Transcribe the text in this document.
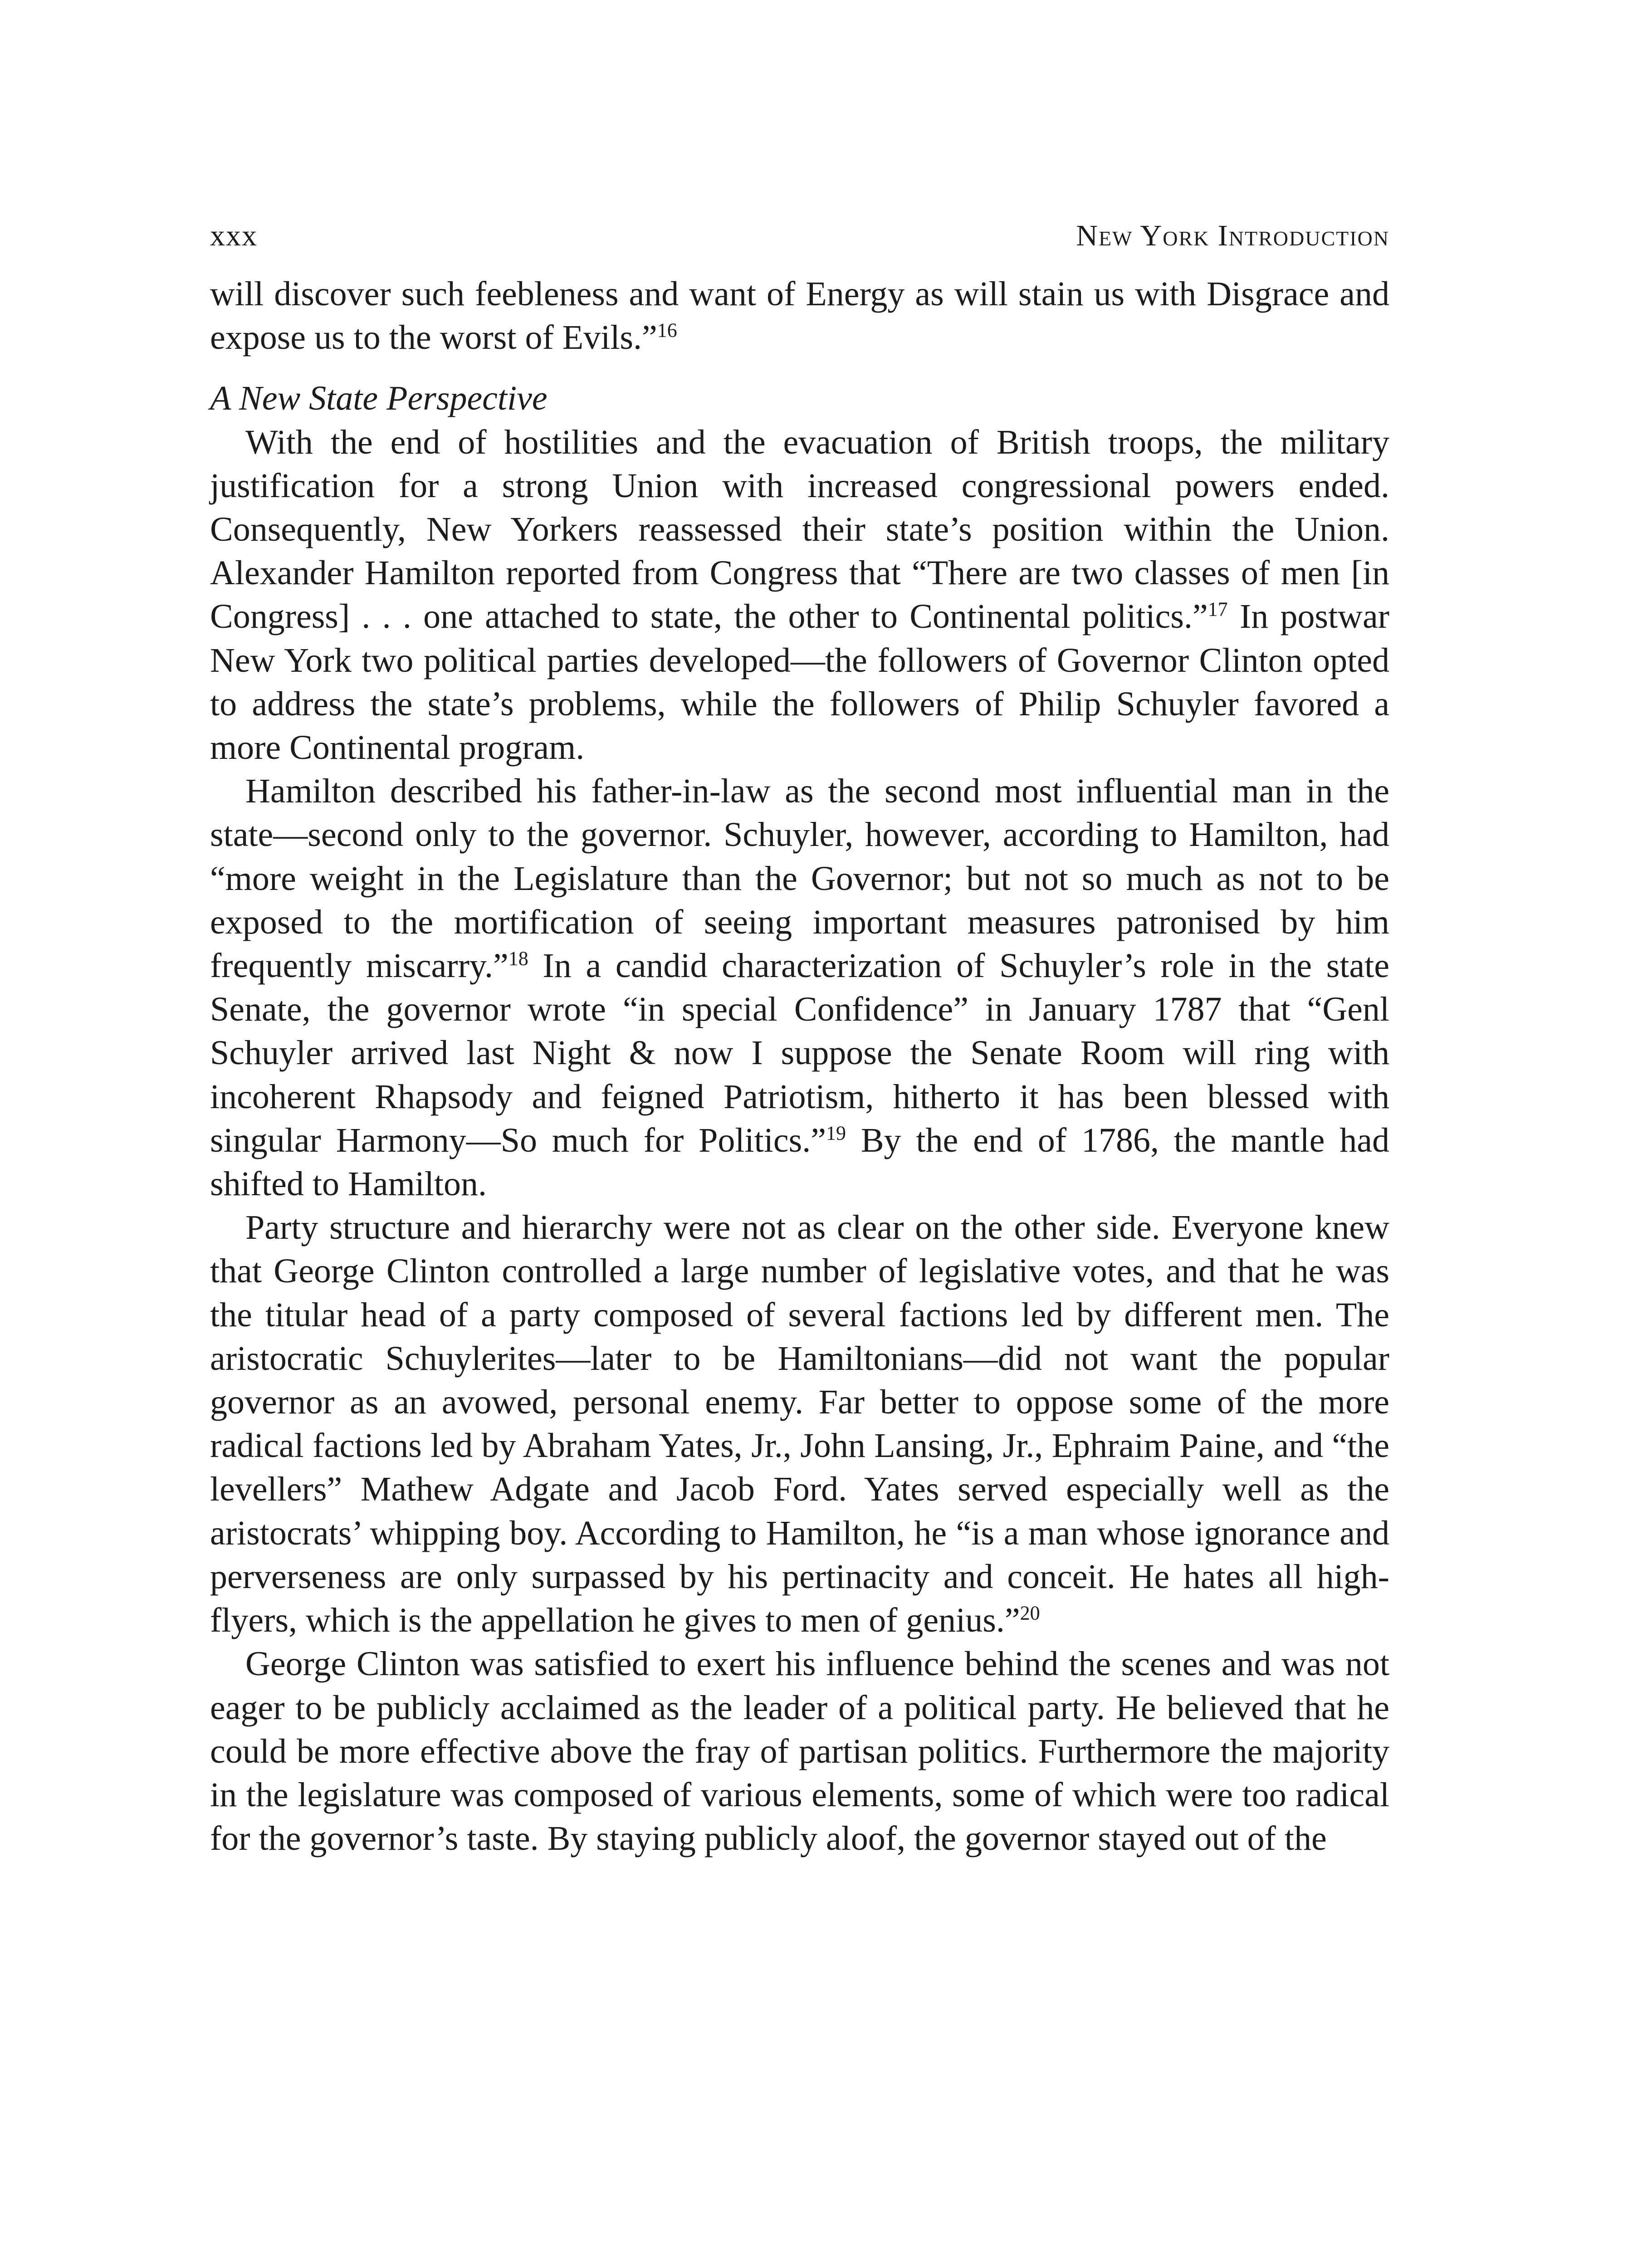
xxx	New York Introduction

will discover such feebleness and want of Energy as will stain us with Disgrace and expose us to the worst of Evils.”$^{16}$

A New State Perspective

With the end of hostilities and the evacuation of British troops, the military justification for a strong Union with increased congressional powers ended. Consequently, New Yorkers reassessed their state’s position within the Union. Alexander Hamilton reported from Congress that “There are two classes of men [in Congress] . . . one attached to state, the other to Continental politics.”$^{17}$ In postwar New York two political parties developed—the followers of Governor Clinton opted to address the state’s problems, while the followers of Philip Schuyler favored a more Continental program.

Hamilton described his father-in-law as the second most influential man in the state—second only to the governor. Schuyler, however, according to Hamilton, had “more weight in the Legislature than the Governor; but not so much as not to be exposed to the mortification of seeing important measures patronised by him frequently miscarry.”$^{18}$ In a candid characterization of Schuyler’s role in the state Senate, the governor wrote “in special Confidence” in January 1787 that “Genl Schuyler arrived last Night & now I suppose the Senate Room will ring with incoherent Rhapsody and feigned Patriotism, hitherto it has been blessed with singular Harmony—So much for Politics.”$^{19}$ By the end of 1786, the mantle had shifted to Hamilton.

Party structure and hierarchy were not as clear on the other side. Everyone knew that George Clinton controlled a large number of legislative votes, and that he was the titular head of a party composed of several factions led by different men. The aristocratic Schuylerites—later to be Hamiltonians—did not want the popular governor as an avowed, personal enemy. Far better to oppose some of the more radical factions led by Abraham Yates, Jr., John Lansing, Jr., Ephraim Paine, and “the levellers” Mathew Adgate and Jacob Ford. Yates served especially well as the aristocrats’ whipping boy. According to Hamilton, he “is a man whose ignorance and perverseness are only surpassed by his pertinacity and conceit. He hates all high-flyers, which is the appellation he gives to men of genius.”$^{20}$

George Clinton was satisfied to exert his influence behind the scenes and was not eager to be publicly acclaimed as the leader of a political party. He believed that he could be more effective above the fray of partisan politics. Furthermore the majority in the legislature was composed of various elements, some of which were too radical for the governor’s taste. By staying publicly aloof, the governor stayed out of the
